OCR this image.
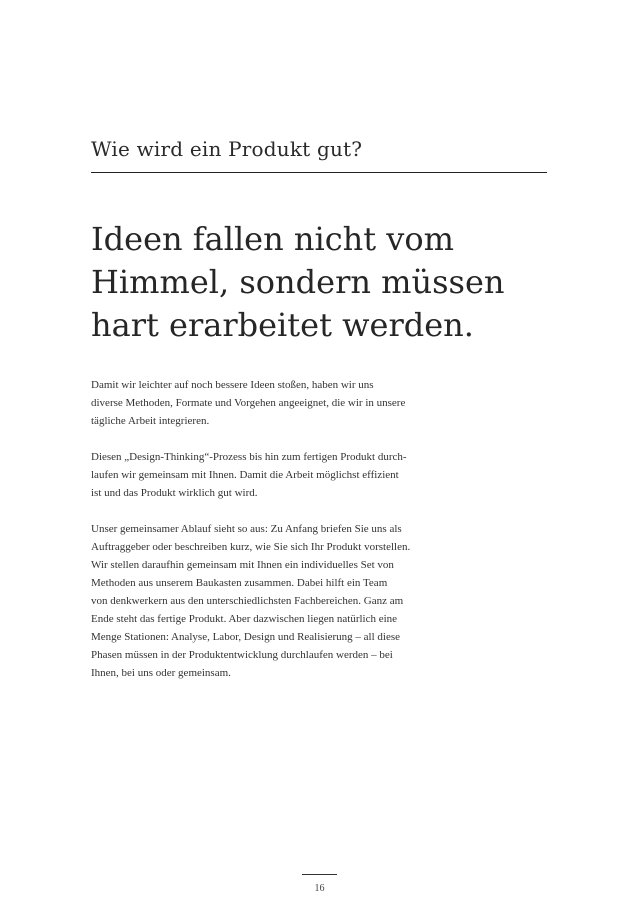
Wie wird ein Produkt gut?
Ideen fallen nicht vom
Himmel, sondern müssen
hart erarbeitet werden.

Damit wir leichter auf noch bessere Ideen stoßen, haben wir uns
diverse Methoden, Formate und Vorgehen angeeignet, die wir in unsere
tägliche Arbeit integrieren.

Diesen „Design-Thinking“-Prozess bis hin zum fertigen Produkt durch-
laufen wir gemeinsam mit Ihnen. Damit die Arbeit möglichst effizient
ist und das Produkt wirklich gut wird.

Unser gemeinsamer Ablauf sieht so aus: Zu Anfang briefen Sie uns als
Auftraggeber oder beschreiben kurz, wie Sie sich Ihr Produkt vorstellen.
Wir stellen daraufhin gemeinsam mit Ihnen ein individuelles Set von
Methoden aus unserem Baukasten zusammen. Dabei hilft ein Team
von denkwerkern aus den unterschiedlichsten Fachbereichen. Ganz am
Ende steht das fertige Produkt. Aber dazwischen liegen natürlich eine
Menge Stationen: Analyse, Labor, Design und Realisierung – all diese
Phasen müssen in der Produktentwicklung durchlaufen werden – bei
Ihnen, bei uns oder gemeinsam.

16
